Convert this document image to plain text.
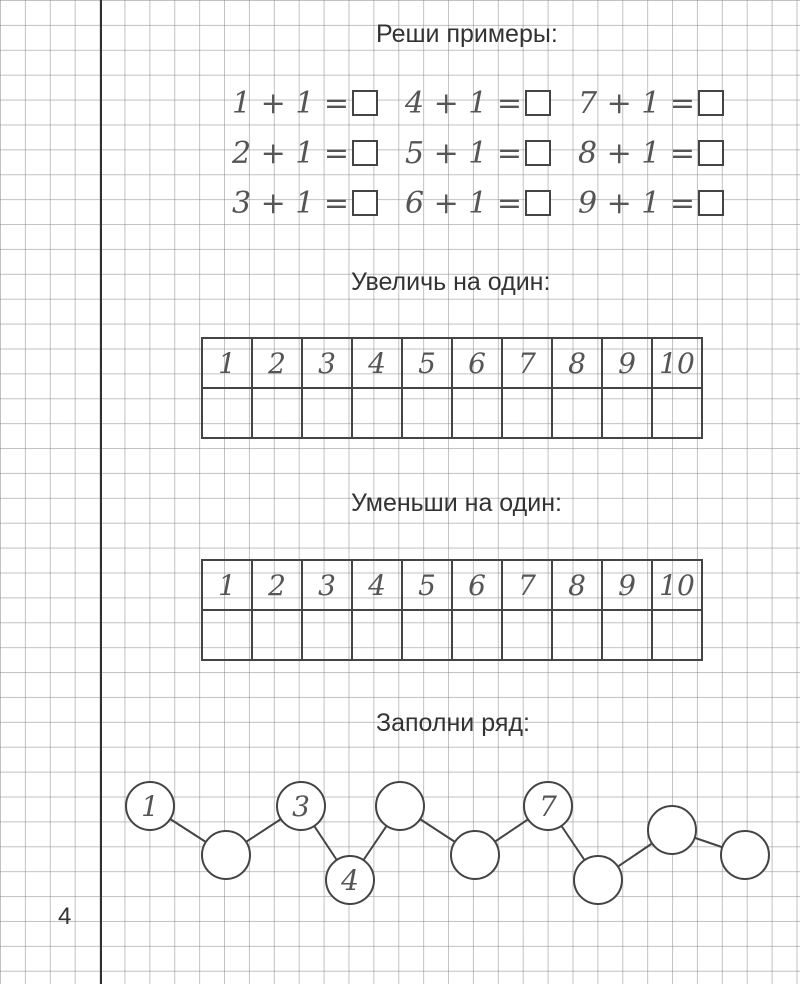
Реши примеры:
1 + 1 = 4 + 1 = 7 + 1 =
2 + 1 = 5 + 1 = 8 + 1 =
3 + 1 = 6 + 1 = 9 + 1 =
Увеличь на один:
1	2	3	4	5	6	7	8	9	10

Уменьши на один:
1	2	3	4	5	6	7	8	9	10

Заполни ряд:
1	3
4
7
4
